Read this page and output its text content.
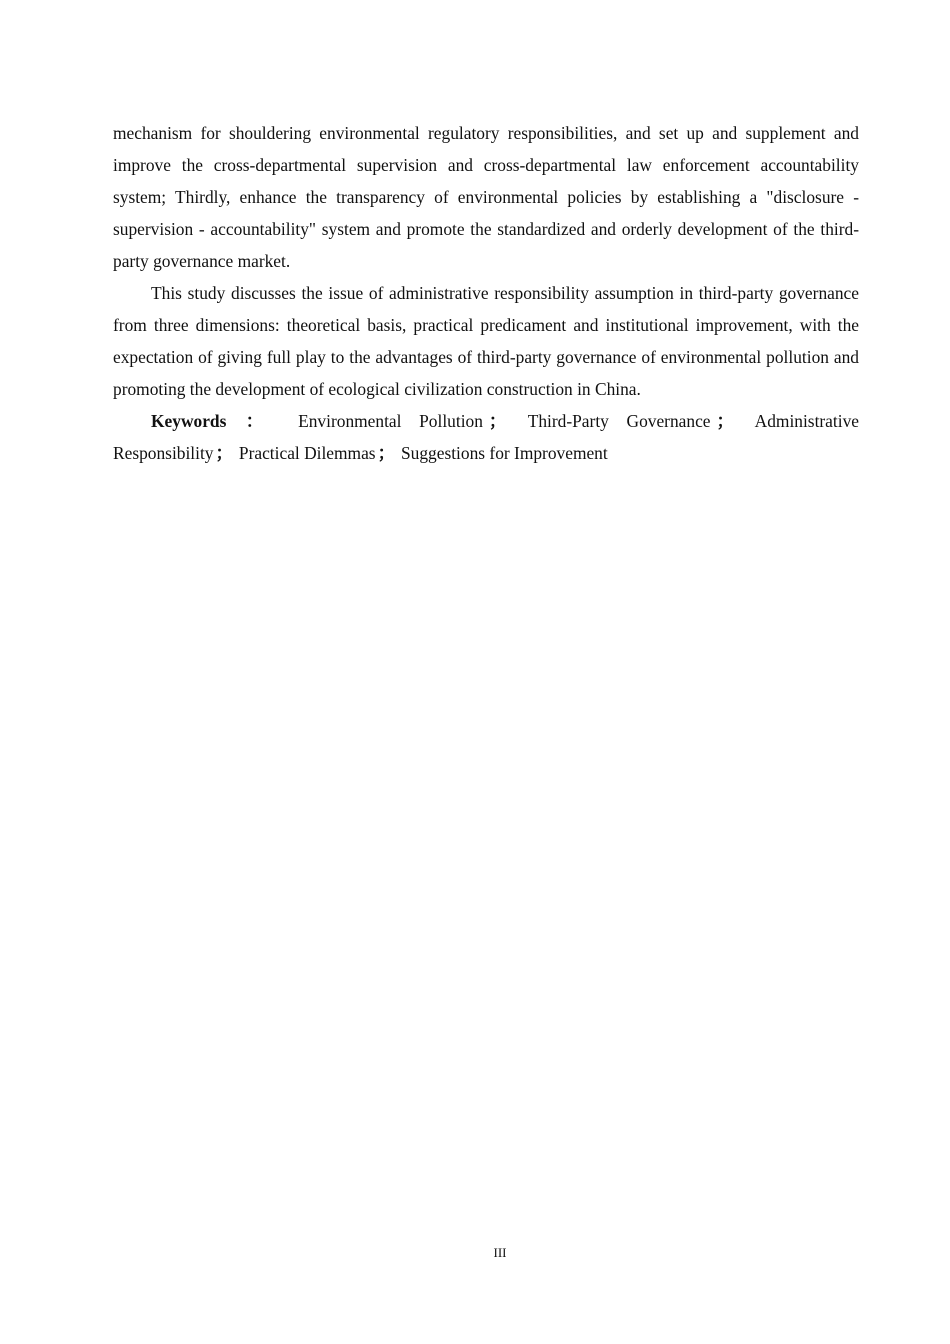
mechanism for shouldering environmental regulatory responsibilities, and set up and supplement and improve the cross-departmental supervision and cross-departmental law enforcement accountability system; Thirdly, enhance the transparency of environmental policies by establishing a "disclosure - supervision - accountability" system and promote the standardized and orderly development of the third-party governance market.

This study discusses the issue of administrative responsibility assumption in third-party governance from three dimensions: theoretical basis, practical predicament and institutional improvement, with the expectation of giving full play to the advantages of third-party governance of environmental pollution and promoting the development of ecological civilization construction in China.

Keywords ： Environmental Pollution ； Third-Party Governance ； Administrative Responsibility ； Practical Dilemmas ； Suggestions for Improvement

III
